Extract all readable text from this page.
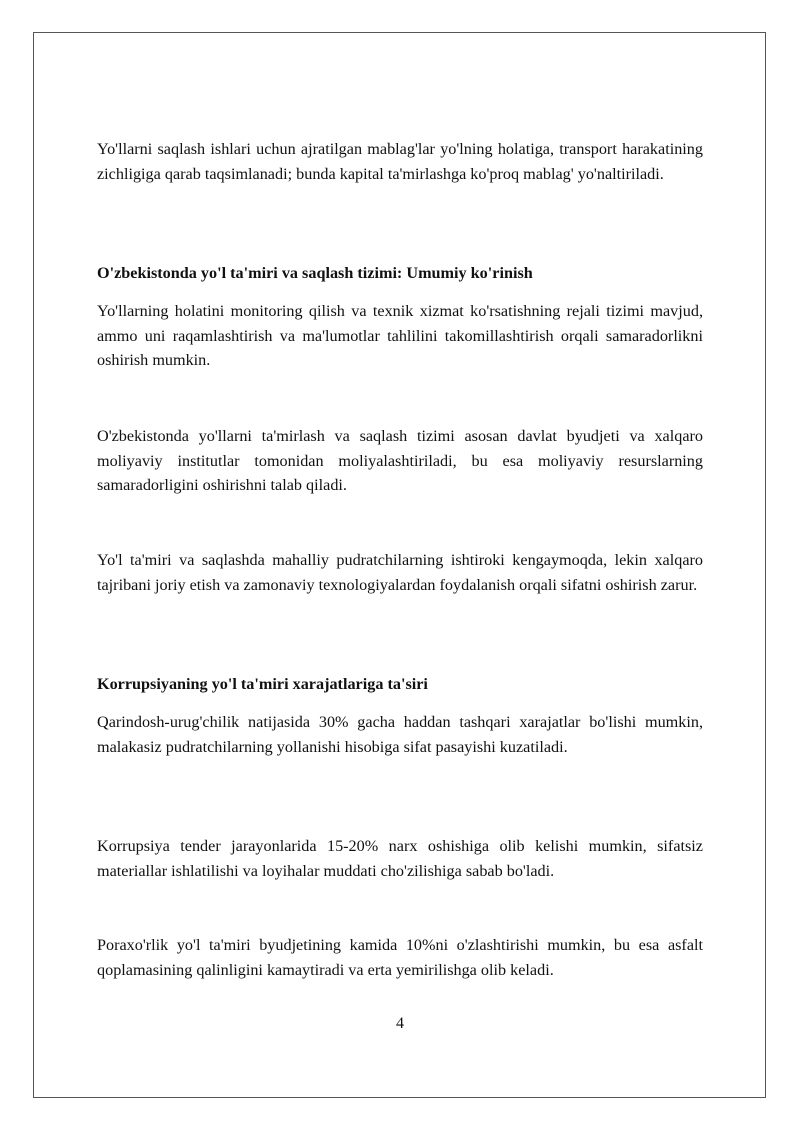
Yo'llarni saqlash ishlari uchun ajratilgan mablag'lar yo'lning holatiga, transport harakatining zichligiga qarab taqsimlanadi; bunda kapital ta'mirlashga ko'proq mablag' yo'naltiriladi.

O'zbekistonda yo'l ta'miri va saqlash tizimi: Umumiy ko'rinish

Yo'llarning holatini monitoring qilish va texnik xizmat ko'rsatishning rejali tizimi mavjud, ammo uni raqamlashtirish va ma'lumotlar tahlilini takomillashtirish orqali samaradorlikni oshirish mumkin.

O'zbekistonda yo'llarni ta'mirlash va saqlash tizimi asosan davlat byudjeti va xalqaro moliyaviy institutlar tomonidan moliyalashtiriladi, bu esa moliyaviy resurslarning samaradorligini oshirishni talab qiladi.

Yo'l ta'miri va saqlashda mahalliy pudratchilarning ishtiroki kengaymoqda, lekin xalqaro tajribani joriy etish va zamonaviy texnologiyalardan foydalanish orqali sifatni oshirish zarur.

Korrupsiyaning yo'l ta'miri xarajatlariga ta'siri

Qarindosh-urug'chilik natijasida 30% gacha haddan tashqari xarajatlar bo'lishi mumkin, malakasiz pudratchilarning yollanishi hisobiga sifat pasayishi kuzatiladi.

Korrupsiya tender jarayonlarida 15-20% narx oshishiga olib kelishi mumkin, sifatsiz materiallar ishlatilishi va loyihalar muddati cho'zilishiga sabab bo'ladi.

Poraxo'rlik yo'l ta'miri byudjetining kamida 10%ni o'zlashtirishi mumkin, bu esa asfalt qoplamasining qalinligini kamaytiradi va erta yemirilishga olib keladi.

4
